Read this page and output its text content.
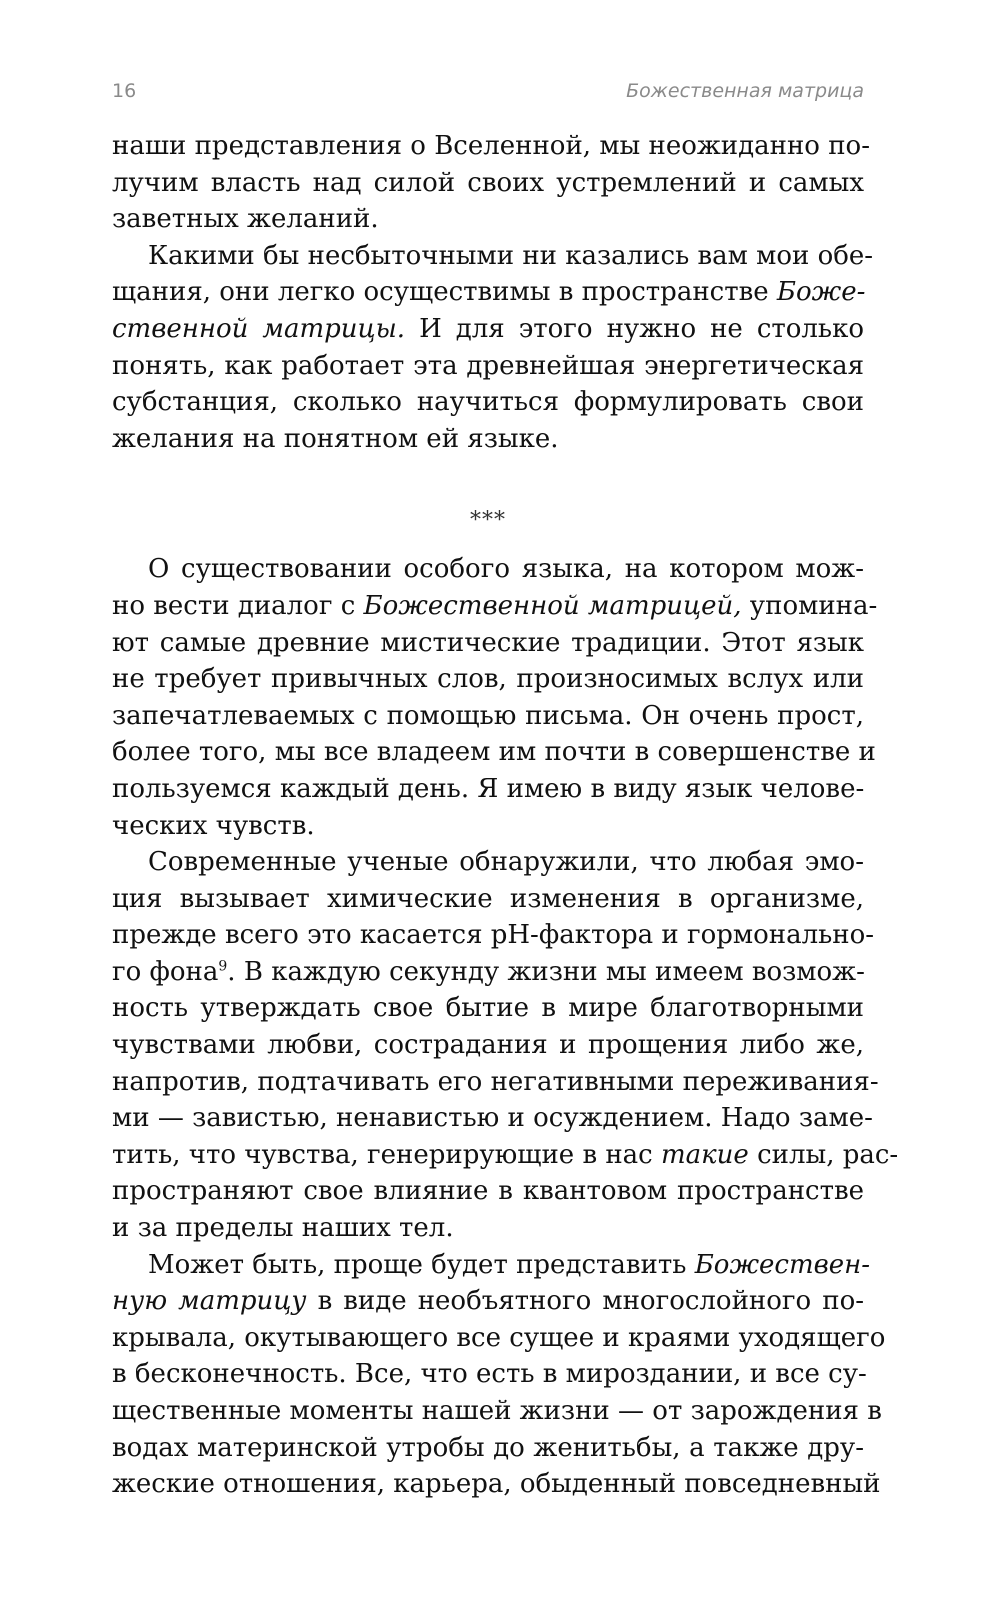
16	Божественная матрица
наши представления о Вселенной, мы неожиданно по-
лучим власть над силой своих устремлений и самых
заветных желаний.
Какими бы несбыточными ни казались вам мои обе-
щания, они легко осуществимы в пространстве Боже-
ственной матрицы. И для этого нужно не столько
понять, как работает эта древнейшая энергетическая
субстанция, сколько научиться формулировать свои
желания на понятном ей языке.
***
О существовании особого языка, на котором мож-
но вести диалог с Божественной матрицей, упомина-
ют самые древние мистические традиции. Этот язык
не требует привычных слов, произносимых вслух или
запечатлеваемых с помощью письма. Он очень прост,
более того, мы все владеем им почти в совершенстве и
пользуемся каждый день. Я имею в виду язык челове-
ческих чувств.
Современные ученые обнаружили, что любая эмо-
ция вызывает химические изменения в организме,
прежде всего это касается рН-фактора и гормонально-
го фона$^9$. В каждую секунду жизни мы имеем возмож-
ность утверждать свое бытие в мире благотворными
чувствами любви, сострадания и прощения либо же,
напротив, подтачивать его негативными переживания-
ми — завистью, ненавистью и осуждением. Надо заме-
тить, что чувства, генерирующие в нас такие силы, рас-
пространяют свое влияние в квантовом пространстве
и за пределы наших тел.
Может быть, проще будет представить Божествен-
ную матрицу в виде необъятного многослойного по-
крывала, окутывающего все сущее и краями уходящего
в бесконечность. Все, что есть в мироздании, и все су-
щественные моменты нашей жизни — от зарождения в
водах материнской утробы до женитьбы, а также дру-
жеские отношения, карьера, обыденный повседневный
